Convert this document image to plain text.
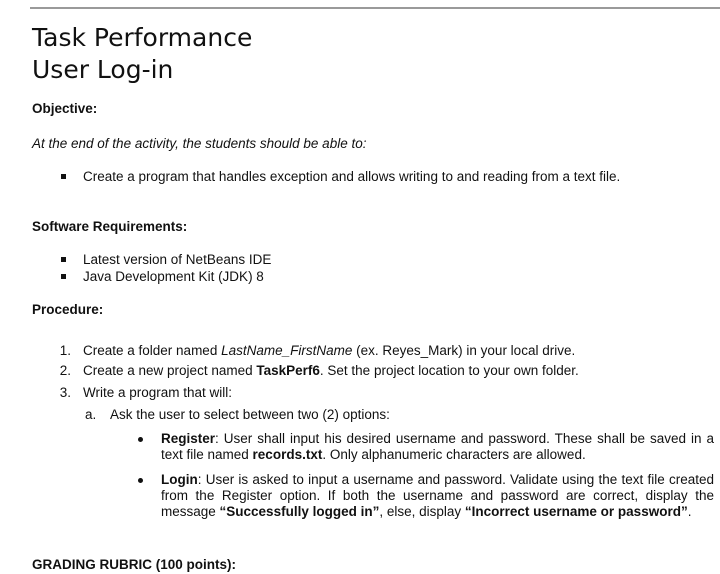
Task Performance
User Log-in
Objective:
At the end of the activity, the students should be able to:
Create a program that handles exception and allows writing to and reading from a text file.
Software Requirements:
Latest version of NetBeans IDE
Java Development Kit (JDK) 8
Procedure:
1. Create a folder named LastName_FirstName (ex. Reyes_Mark) in your local drive.
2. Create a new project named TaskPerf6. Set the project location to your own folder.
3. Write a program that will:
a. Ask the user to select between two (2) options:
Register: User shall input his desired username and password. These shall be saved in a text file named records.txt. Only alphanumeric characters are allowed.
Login: User is asked to input a username and password. Validate using the text file created from the Register option. If both the username and password are correct, display the message “Successfully logged in”, else, display “Incorrect username or password”.
GRADING RUBRIC (100 points):
